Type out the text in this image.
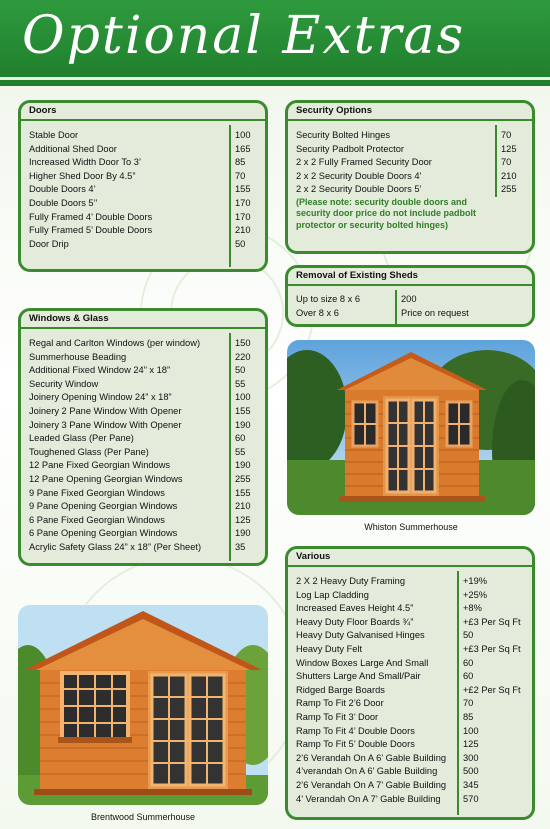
Optional Extras
Doors
Stable Door	100
Additional Shed Door	165
Increased Width Door To 3’	85
Higher Shed Door By 4.5”	70
Double Doors 4’	155
Double Doors 5’’	170
Fully Framed 4’ Double Doors	170
Fully Framed 5’ Double Doors	210
Door Drip	50
Security Options
Security Bolted Hinges	70
Security Padbolt Protector	125
2 x 2 Fully Framed Security Door	70
2 x 2 Security Double Doors 4’	210
2 x 2 Security Double Doors 5’	255
(Please note: security double doors and security door price do not include padbolt protector or security bolted hinges)
Removal of Existing Sheds
Up to size 8 x 6	200
Over 8 x 6	Price on request
Windows & Glass
Regal and Carlton Windows (per window)	150
Summerhouse Beading	220
Additional Fixed Window 24” x 18”	50
Security Window	55
Joinery Opening Window 24” x 18”	100
Joinery 2 Pane Window With Opener	155
Joinery 3 Pane Window With Opener	190
Leaded Glass (Per Pane)	60
Toughened Glass (Per Pane)	55
12 Pane Fixed Georgian Windows	190
12 Pane Opening Georgian Windows	255
9 Pane Fixed Georgian Windows	155
9 Pane Opening Georgian Windows	210
6 Pane Fixed Georgian Windows	125
6 Pane Opening Georgian Windows	190
Acrylic Safety Glass 24” x 18” (Per Sheet)	35
Various
2 X 2 Heavy Duty Framing	+19%
Log Lap Cladding	+25%
Increased Eaves Height 4.5”	+8%
Heavy Duty Floor Boards ¾”	+£3 Per Sq Ft
Heavy Duty Galvanised Hinges	50
Heavy Duty Felt	+£3 Per Sq Ft
Window Boxes Large And Small	60
Shutters Large And Small/Pair	60
Ridged Barge Boards	+£2 Per Sq Ft
Ramp To Fit 2’6 Door	70
Ramp To Fit 3’ Door	85
Ramp To Fit 4’ Double Doors	100
Ramp To Fit 5’ Double Doors	125
2’6 Verandah On A 6’ Gable Building	300
4’verandah On A 6’ Gable Building	500
2’6 Verandah On A 7’ Gable Building	345
4’ Verandah On A 7’ Gable Building	570
Whiston Summerhouse
Brentwood Summerhouse
